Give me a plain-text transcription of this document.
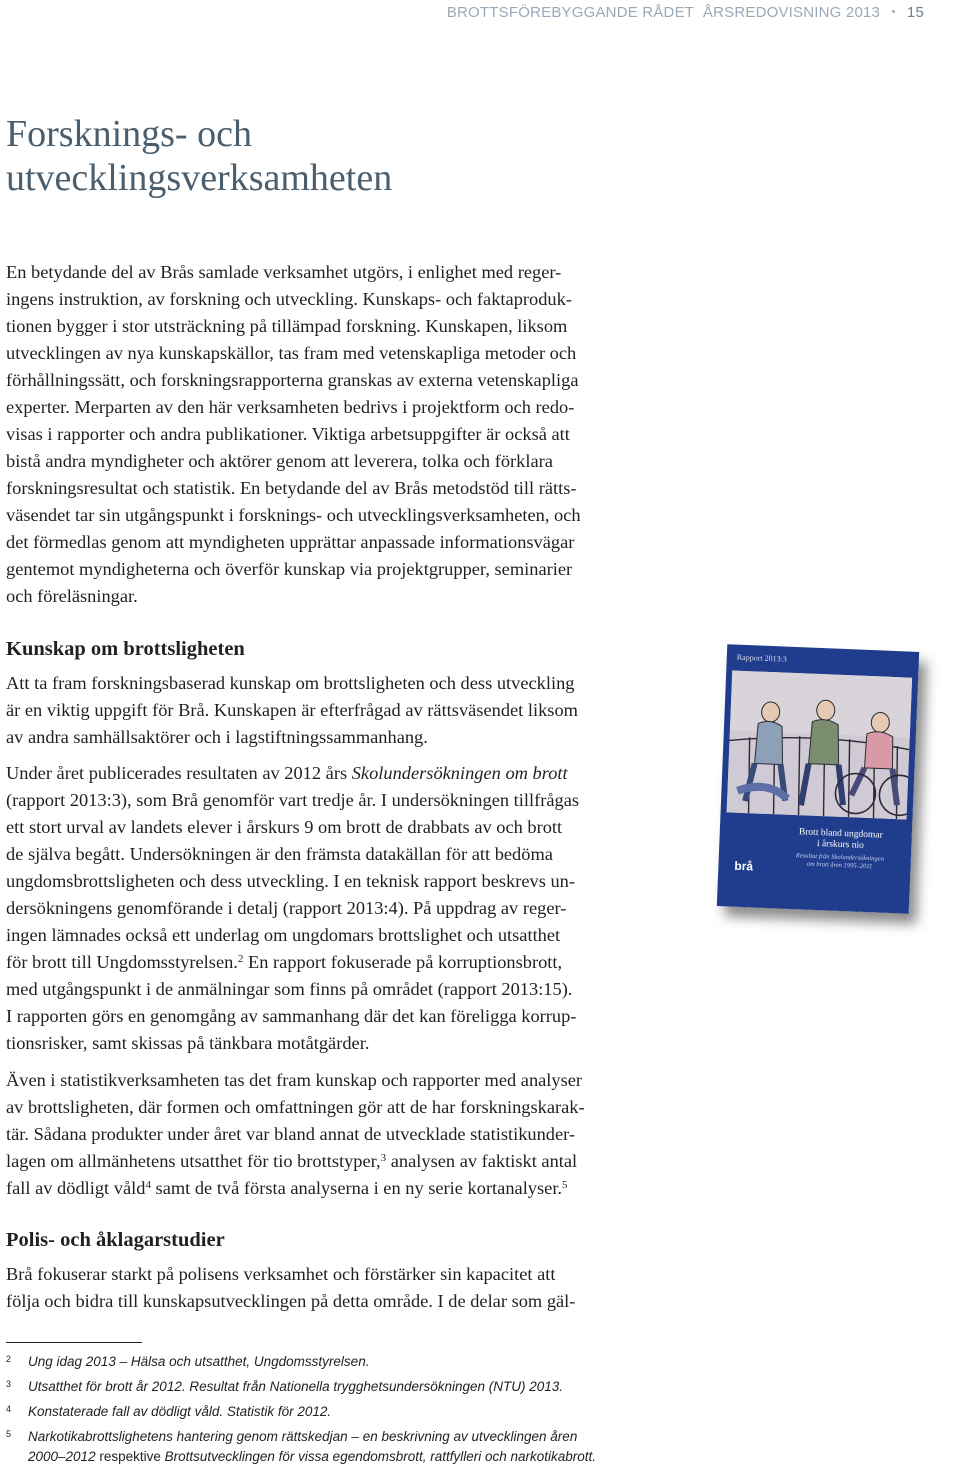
BROTTSFÖREBYGGANDE RÅDET ÅRSREDOVISNING 2013 • 15
Forsknings- och
utvecklingsverksamheten

En betydande del av Brås samlade verksamhet utgörs, i enlighet med reger-
ingens instruktion, av forskning och utveckling. Kunskaps- och faktaproduk-
tionen bygger i stor utsträckning på tillämpad forskning. Kunskapen, liksom
utvecklingen av nya kunskapskällor, tas fram med vetenskapliga metoder och
förhållningssätt, och forskningsrapporterna granskas av externa vetenskapliga
experter. Merparten av den här verksamheten bedrivs i projektform och redo-
visas i rapporter och andra publikationer. Viktiga arbetsuppgifter är också att
bistå andra myndigheter och aktörer genom att leverera, tolka och förklara
forskningsresultat och statistik. En betydande del av Brås metodstöd till rätts-
väsendet tar sin utgångspunkt i forsknings- och utvecklingsverksamheten, och
det förmedlas genom att myndigheten upprättar anpassade informationsvägar
gentemot myndigheterna och överför kunskap via projektgrupper, seminarier
och föreläsningar.

Kunskap om brottsligheten

Att ta fram forskningsbaserad kunskap om brottsligheten och dess utveckling
är en viktig uppgift för Brå. Kunskapen är efterfrågad av rättsväsendet liksom
av andra samhällsaktörer och i lagstiftningssammanhang.

Under året publicerades resultaten av 2012 års Skolundersökningen om brott
(rapport 2013:3), som Brå genomför vart tredje år. I undersökningen tillfrågas
ett stort urval av landets elever i årskurs 9 om brott de drabbats av och brott
de själva begått. Undersökningen är den främsta datakällan för att bedöma
ungdomsbrottsligheten och dess utveckling. I en teknisk rapport beskrevs un-
dersökningens genomförande i detalj (rapport 2013:4). På uppdrag av reger-
ingen lämnades också ett underlag om ungdomars brottslighet och utsatthet
för brott till Ungdomsstyrelsen.$^2$ En rapport fokuserade på korruptionsbrott,
med utgångspunkt i de anmälningar som finns på området (rapport 2013:15).
I rapporten görs en genomgång av sammanhang där det kan föreligga korrup-
tionsrisker, samt skissas på tänkbara motåtgärder.

Även i statistikverksamheten tas det fram kunskap och rapporter med analyser
av brottsligheten, där formen och omfattningen gör att de har forskningskarak-
tär. Sådana produkter under året var bland annat de utvecklade statistikunder-
lagen om allmänhetens utsatthet för tio brottstyper,$^3$ analysen av faktiskt antal
fall av dödligt våld$^4$ samt de två första analyserna i en ny serie kortanalyser.$^5$

Polis- och åklagarstudier

Brå fokuserar starkt på polisens verksamhet och förstärker sin kapacitet att
följa och bidra till kunskapsutvecklingen på detta område. I de delar som gäl-

Rapport 2013:3
Brott bland ungdomar
i årskurs nio
Resultat från Skolundersökningen
om brott åren 1995–2011
brå
2 Ung idag 2013 – Hälsa och utsatthet, Ungdomsstyrelsen.
3 Utsatthet för brott år 2012. Resultat från Nationella trygghetsundersökningen (NTU) 2013.
4 Konstaterade fall av dödligt våld. Statistik för 2012.
5 Narkotikabrottslighetens hantering genom rättskedjan – en beskrivning av utvecklingen åren
2000–2012 respektive Brottsutvecklingen för vissa egendomsbrott, rattfylleri och narkotikabrott.
